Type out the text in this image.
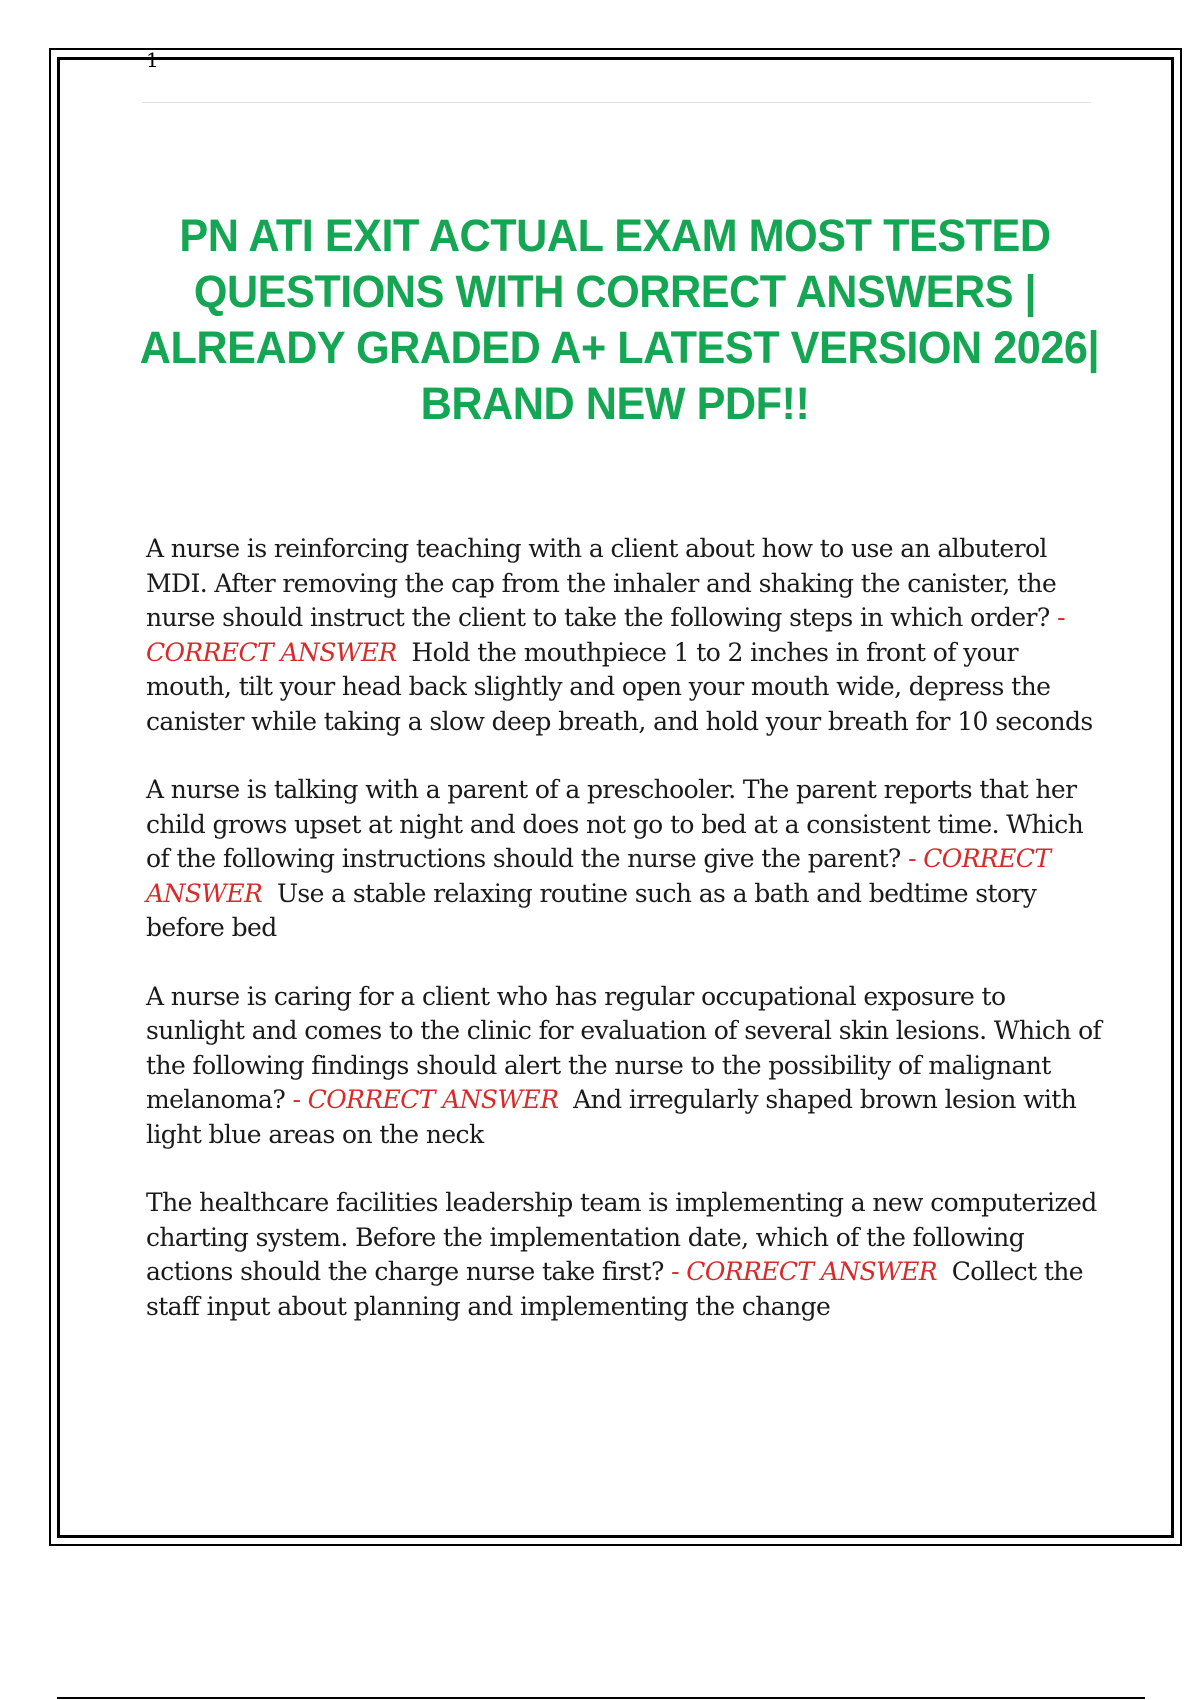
1
PN ATI EXIT ACTUAL EXAM MOST TESTED
QUESTIONS WITH CORRECT ANSWERS |
ALREADY GRADED A+ LATEST VERSION 2026|
BRAND NEW PDF!!

A nurse is reinforcing teaching with a client about how to use an albuterol MDI. After removing the cap from the inhaler and shaking the canister, the nurse should instruct the client to take the following steps in which order? - CORRECT ANSWER Hold the mouthpiece 1 to 2 inches in front of your mouth, tilt your head back slightly and open your mouth wide, depress the canister while taking a slow deep breath, and hold your breath for 10 seconds

A nurse is talking with a parent of a preschooler. The parent reports that her child grows upset at night and does not go to bed at a consistent time. Which of the following instructions should the nurse give the parent? - CORRECT ANSWER Use a stable relaxing routine such as a bath and bedtime story before bed

A nurse is caring for a client who has regular occupational exposure to sunlight and comes to the clinic for evaluation of several skin lesions. Which of the following findings should alert the nurse to the possibility of malignant melanoma? - CORRECT ANSWER And irregularly shaped brown lesion with light blue areas on the neck

The healthcare facilities leadership team is implementing a new computerized charting system. Before the implementation date, which of the following actions should the charge nurse take first? - CORRECT ANSWER Collect the staff input about planning and implementing the change
